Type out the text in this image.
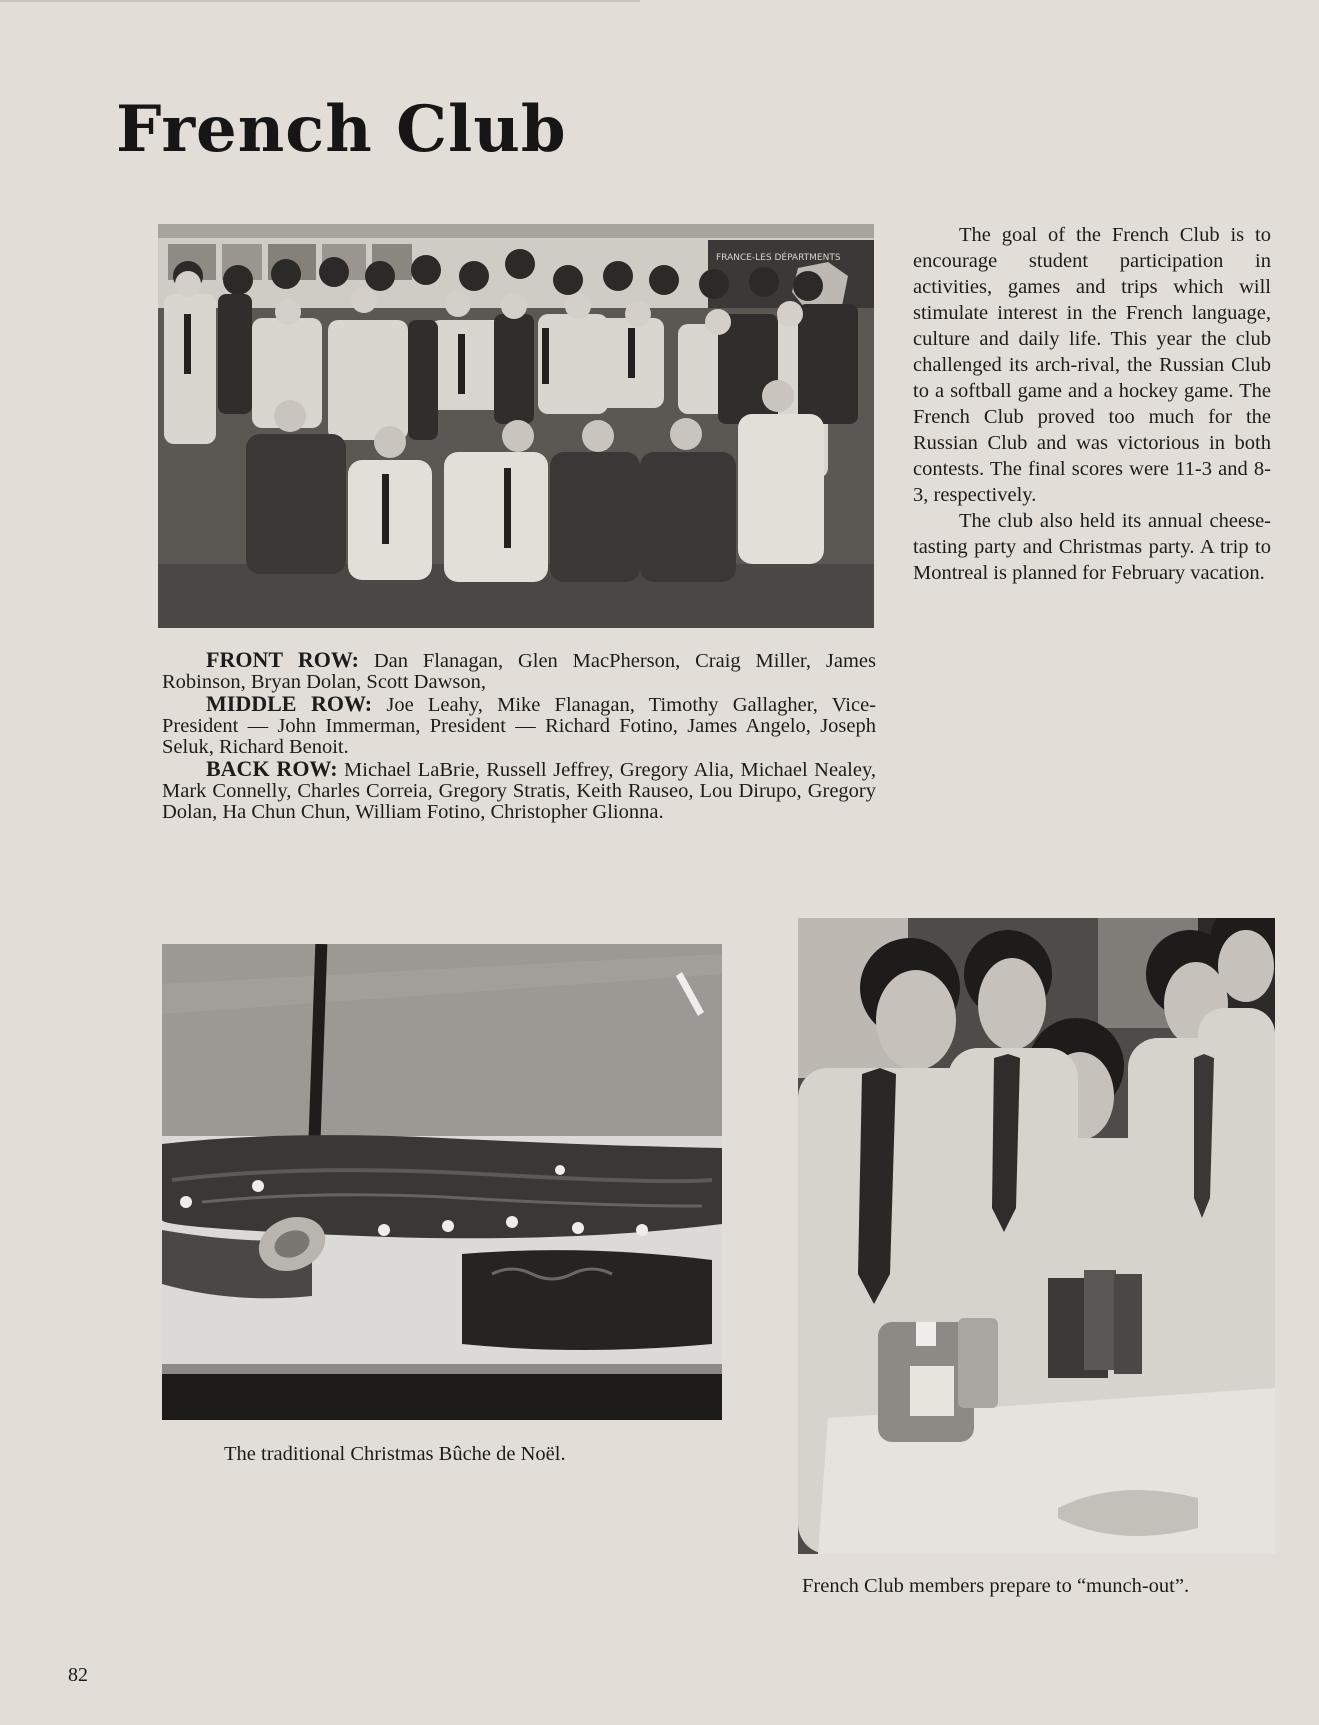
French Club
FRANCE-LES DÉPARTMENTS

FRONT ROW: Dan Flanagan, Glen MacPherson, Craig Miller, James Robinson, Bryan Dolan, Scott Dawson,

MIDDLE ROW: Joe Leahy, Mike Flanagan, Timothy Gallagher, Vice-President — John Immerman, President — Richard Fotino, James Angelo, Joseph Seluk, Richard Benoit.

BACK ROW: Michael LaBrie, Russell Jeffrey, Gregory Alia, Michael Nealey, Mark Connelly, Charles Correia, Gregory Stratis, Keith Rauseo, Lou Dirupo, Gregory Dolan, Ha Chun Chun, William Fotino, Christopher Glionna.

The goal of the French Club is to encourage student participation in activities, games and trips which will stimulate interest in the French language, culture and daily life. This year the club challenged its arch-rival, the Russian Club to a softball game and a hockey game. The French Club proved too much for the Russian Club and was victorious in both contests. The final scores were 11-3 and 8-3, respectively.

The club also held its annual cheese-tasting party and Christmas party. A trip to Montreal is planned for February vacation.

The traditional Christmas Bûche de Noël.
French Club members prepare to “munch-out”.
82
